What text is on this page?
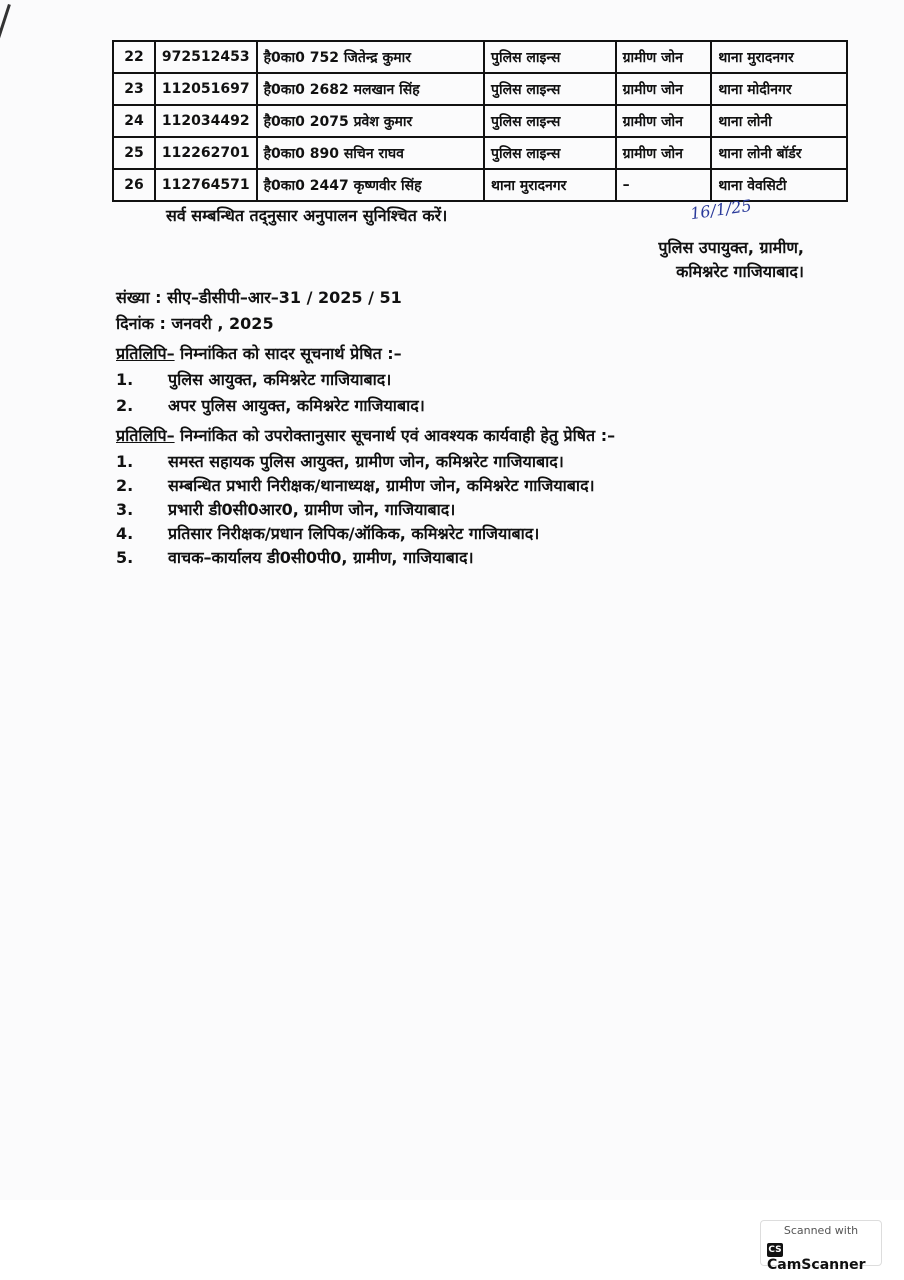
22	972512453	है0का0 752 जितेन्द्र कुमार	पुलिस लाइन्स	ग्रामीण जोन	थाना मुरादनगर
23	112051697	है0का0 2682 मलखान सिंह	पुलिस लाइन्स	ग्रामीण जोन	थाना मोदीनगर
24	112034492	है0का0 2075 प्रवेश कुमार	पुलिस लाइन्स	ग्रामीण जोन	थाना लोनी
25	112262701	है0का0 890 सचिन राघव	पुलिस लाइन्स	ग्रामीण जोन	थाना लोनी बॉर्डर
26	112764571	है0का0 2447 कृष्णवीर सिंह	थाना मुरादनगर	–	थाना वेवसिटी
सर्व सम्बन्धित तद्नुसार अनुपालन सुनिश्चित करें।	16/1/25
पुलिस उपायुक्त, ग्रामीण,
कमिश्नरेट गाजियाबाद।
संख्या : सीए–डीसीपी–आर–31 / 2025 / 51
दिनांक : जनवरी , 2025
प्रतिलिपि– निम्नांकित को सादर सूचनार्थ प्रेषित :–
1. पुलिस आयुक्त, कमिश्नरेट गाजियाबाद।
2. अपर पुलिस आयुक्त, कमिश्नरेट गाजियाबाद।
प्रतिलिपि– निम्नांकित को उपरोक्तानुसार सूचनार्थ एवं आवश्यक कार्यवाही हेतु प्रेषित :–
1. समस्त सहायक पुलिस आयुक्त, ग्रामीण जोन, कमिश्नरेट गाजियाबाद।
2. सम्बन्धित प्रभारी निरीक्षक/थानाध्यक्ष, ग्रामीण जोन, कमिश्नरेट गाजियाबाद।
3. प्रभारी डी0सी0आर0, ग्रामीण जोन, गाजियाबाद।
4. प्रतिसार निरीक्षक/प्रधान लिपिक/ऑकिक, कमिश्नरेट गाजियाबाद।
5. वाचक–कार्यालय डी0सी0पी0, ग्रामीण, गाजियाबाद।
Scanned with
CSCamScanner
